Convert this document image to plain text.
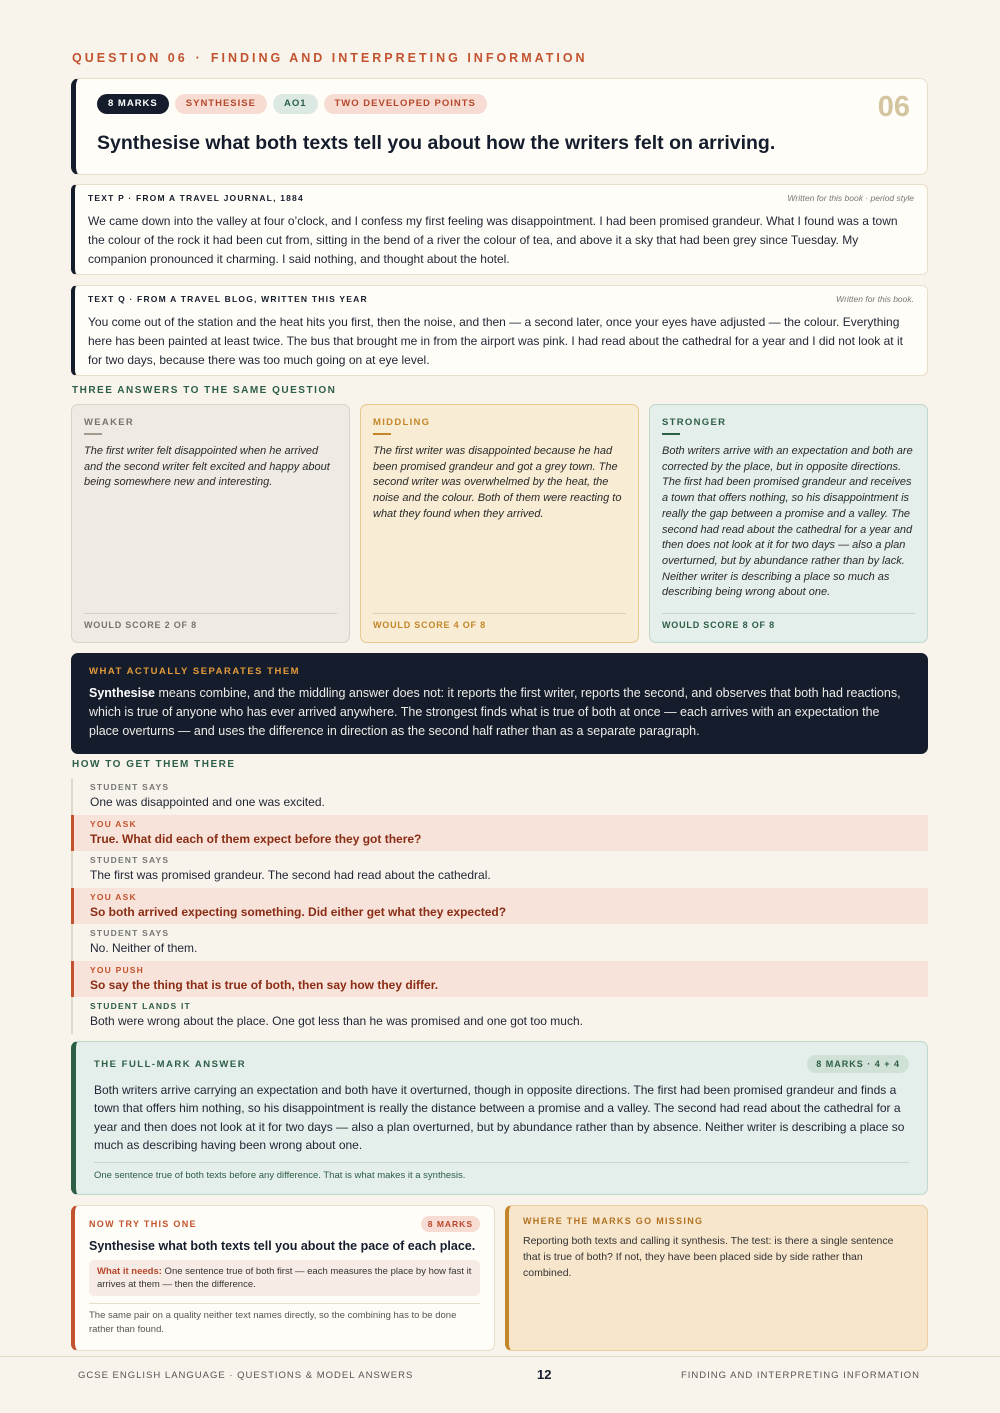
QUESTION 06 · FINDING AND INTERPRETING INFORMATION
8 MARKS	SYNTHESISE	AO1	TWO DEVELOPED POINTS	06
Synthesise what both texts tell you about how the writers felt on arriving.
TEXT P · FROM A TRAVEL JOURNAL, 1884	Written for this book · period style
We came down into the valley at four o’clock, and I confess my first feeling was disappointment. I had been promised grandeur. What I found was a town the colour of the rock it had been cut from, sitting in the bend of a river the colour of tea, and above it a sky that had been grey since Tuesday. My companion pronounced it charming. I said nothing, and thought about the hotel.
TEXT Q · FROM A TRAVEL BLOG, WRITTEN THIS YEAR	Written for this book.
You come out of the station and the heat hits you first, then the noise, and then — a second later, once your eyes have adjusted — the colour. Everything here has been painted at least twice. The bus that brought me in from the airport was pink. I had read about the cathedral for a year and I did not look at it for two days, because there was too much going on at eye level.
THREE ANSWERS TO THE SAME QUESTION
WEAKER
The first writer felt disappointed when he arrived and the second writer felt excited and happy about being somewhere new and interesting.
WOULD SCORE 2 OF 8
MIDDLING
The first writer was disappointed because he had been promised grandeur and got a grey town. The second writer was overwhelmed by the heat, the noise and the colour. Both of them were reacting to what they found when they arrived.
WOULD SCORE 4 OF 8
STRONGER
Both writers arrive with an expectation and both are corrected by the place, but in opposite directions. The first had been promised grandeur and receives a town that offers nothing, so his disappointment is really the gap between a promise and a valley. The second had read about the cathedral for a year and then does not look at it for two days — also a plan overturned, but by abundance rather than by lack. Neither writer is describing a place so much as describing being wrong about one.
WOULD SCORE 8 OF 8
WHAT ACTUALLY SEPARATES THEM
Synthesise means combine, and the middling answer does not: it reports the first writer, reports the second, and observes that both had reactions, which is true of anyone who has ever arrived anywhere. The strongest finds what is true of both at once — each arrives with an expectation the place overturns — and uses the difference in direction as the second half rather than as a separate paragraph.
HOW TO GET THEM THERE
STUDENT SAYS
One was disappointed and one was excited.
YOU ASK
True. What did each of them expect before they got there?
STUDENT SAYS
The first was promised grandeur. The second had read about the cathedral.
YOU ASK
So both arrived expecting something. Did either get what they expected?
STUDENT SAYS
No. Neither of them.
YOU PUSH
So say the thing that is true of both, then say how they differ.
STUDENT LANDS IT
Both were wrong about the place. One got less than he was promised and one got too much.
THE FULL-MARK ANSWER	8 MARKS · 4 + 4
Both writers arrive carrying an expectation and both have it overturned, though in opposite directions. The first had been promised grandeur and finds a town that offers him nothing, so his disappointment is really the distance between a promise and a valley. The second had read about the cathedral for a year and then does not look at it for two days — also a plan overturned, but by abundance rather than by absence. Neither writer is describing a place so much as describing having been wrong about one.
One sentence true of both texts before any difference. That is what makes it a synthesis.
NOW TRY THIS ONE	8 MARKS
Synthesise what both texts tell you about the pace of each place.
What it needs: One sentence true of both first — each measures the place by how fast it arrives at them — then the difference.
The same pair on a quality neither text names directly, so the combining has to be done rather than found.
WHERE THE MARKS GO MISSING
Reporting both texts and calling it synthesis. The test: is there a single sentence that is true of both? If not, they have been placed side by side rather than combined.
GCSE ENGLISH LANGUAGE · QUESTIONS & MODEL ANSWERS	12	FINDING AND INTERPRETING INFORMATION
